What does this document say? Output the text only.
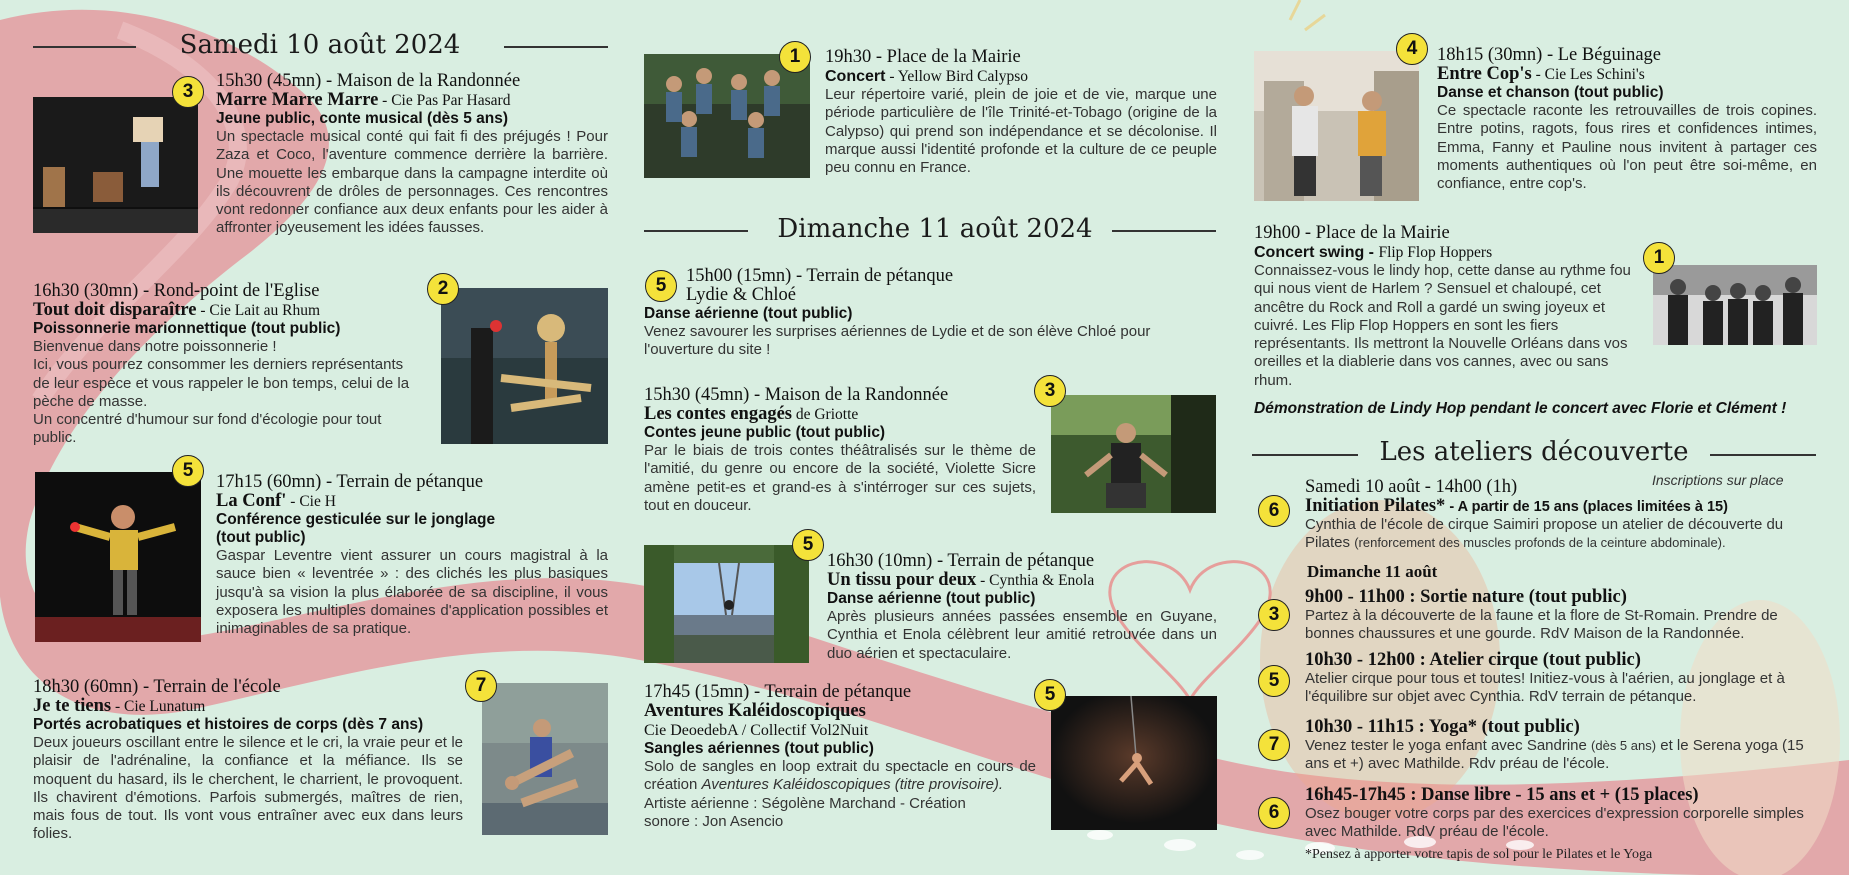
Samedi 10 août 2024
3	15h30 (45mn) - Maison de la Randonnée
Marre Marre Marre - Cie Pas Par Hasard
Jeune public, conte musical (dès 5 ans)
Un spectacle musical conté qui fait fi des préjugés ! Pour Zaza et Coco, l'aventure commence derrière la barrière. Une mouette les embarque dans la campagne interdite où ils découvrent de drôles de personnages. Ces rencontres vont redonner confiance aux deux enfants pour les aider à affronter joyeusement les idées fausses.
16h30 (30mn) - Rond-point de l'Eglise
Tout doit disparaître - Cie Lait au Rhum
Poissonnerie marionnettique (tout public)
Bienvenue dans notre poissonnerie !
Ici, vous pourrez consommer les derniers représentants de leur espèce et vous rappeler le bon temps, celui de la pèche de masse.
Un concentré d'humour sur fond d'écologie pour tout public.
2
5
17h15 (60mn) - Terrain de pétanque
La Conf' - Cie H
Conférence gesticulée sur le jonglage (tout public)
Gaspar Leventre vient assurer un cours magistral à la sauce bien « leventrée » : des clichés les plus basiques jusqu'à sa vision la plus élaborée de sa discipline, il vous exposera les multiples domaines d'application possibles et inimaginables de sa pratique.
18h30 (60mn) - Terrain de l'école
Je te tiens - Cie Lunatum
Portés acrobatiques et histoires de corps (dès 7 ans)
Deux joueurs oscillant entre le silence et le cri, la vraie peur et le plaisir de l'adrénaline, la confiance et la méfiance. Ils se moquent du hasard, ils le cherchent, le charrient, le provoquent. Ils chavirent d'émotions. Parfois submergés, maîtres de rien, mais fous de tout. Ils vont vous entraîner avec eux dans leurs folies.
7
1	19h30 - Place de la Mairie
Concert - Yellow Bird Calypso
Leur répertoire varié, plein de joie et de vie, marque une période particulière de l'île Trinité-et-Tobago (origine de la Calypso) qui prend son indépendance et se décolonise. Il marque aussi l'identité profonde et la culture de ce peuple peu connu en France.
Dimanche 11 août 2024
5	15h00 (15mn) - Terrain de pétanque
Lydie & Chloé
Danse aérienne (tout public)
Venez savourer les surprises aériennes de Lydie et de son élève Chloé pour l'ouverture du site !
15h30 (45mn) - Maison de la Randonnée
Les contes engagés de Griotte
Contes jeune public (tout public)
Par le biais de trois contes théâtralisés sur le thème de l'amitié, du genre ou encore de la société, Violette Sicre amène petit-es et grand-es à s'intérroger sur ces sujets, tout en douceur.
3
5
16h30 (10mn) - Terrain de pétanque
Un tissu pour deux - Cynthia & Enola
Danse aérienne (tout public)
Après plusieurs années passées ensemble en Guyane, Cynthia et Enola célèbrent leur amitié retrouvée dans un duo aérien et spectaculaire.
17h45 (15mn) - Terrain de pétanque
Aventures Kaléidoscopiques
Cie DeoedebA / Collectif Vol2Nuit
Sangles aériennes (tout public)
Solo de sangles en loop extrait du spectacle en cours de création Aventures Kaléidoscopiques (titre provisoire).
Artiste aérienne : Ségolène Marchand - Création sonore : Jon Asencio
5
4	18h15 (30mn) - Le Béguinage
Entre Cop's - Cie Les Schini's
Danse et chanson (tout public)
Ce spectacle raconte les retrouvailles de trois copines. Entre potins, ragots, fous rires et confidences intimes, Emma, Fanny et Pauline nous invitent à partager ces moments authentiques où l'on peut être soi-même, en confiance, entre cop's.
19h00 - Place de la Mairie
Concert swing - Flip Flop Hoppers
Connaissez-vous le lindy hop, cette danse au rythme fou qui nous vient de Harlem ? Sensuel et chaloupé, cet ancêtre du Rock and Roll a gardé un swing joyeux et cuivré. Les Flip Flop Hoppers en sont les fiers représentants. Ils mettront la Nouvelle Orléans dans vos oreilles et la diablerie dans vos cannes, avec ou sans rhum.
1
Démonstration de Lindy Hop pendant le concert avec Florie et Clément !
Les ateliers découverte
Inscriptions sur place
6
Samedi 10 août - 14h00 (1h)
Initiation Pilates* - A partir de 15 ans (places limitées à 15)
Cynthia de l'école de cirque Saimiri propose un atelier de découverte du Pilates (renforcement des muscles profonds de la ceinture abdominale).
Dimanche 11 août
3
9h00 - 11h00 : Sortie nature (tout public)
Partez à la découverte de la faune et la flore de St-Romain. Prendre de bonnes chaussures et une gourde. RdV Maison de la Randonnée.
5
10h30 - 12h00 : Atelier cirque (tout public)
Atelier cirque pour tous et toutes! Initiez-vous à l'aérien, au jonglage et à l'équilibre sur objet avec Cynthia. RdV terrain de pétanque.
7
10h30 - 11h15 : Yoga* (tout public)
Venez tester le yoga enfant avec Sandrine (dès 5 ans) et le Serena yoga (15 ans et +) avec Mathilde. Rdv préau de l'école.
6
16h45-17h45 : Danse libre - 15 ans et + (15 places)
Osez bouger votre corps par des exercices d'expression corporelle simples avec Mathilde. RdV préau de l'école.
*Pensez à apporter votre tapis de sol pour le Pilates et le Yoga
